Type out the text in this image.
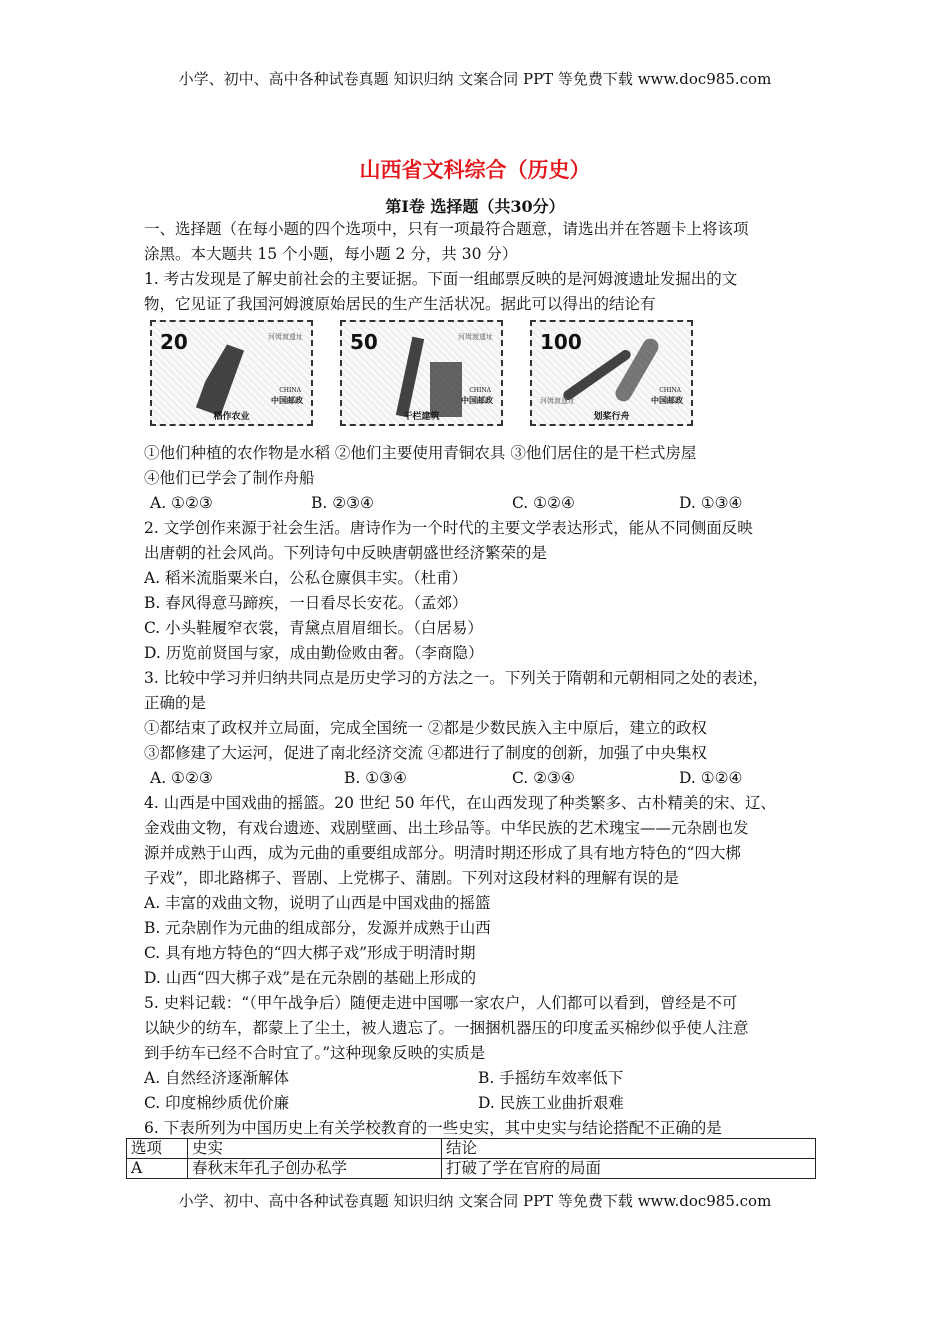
小学、初中、高中各种试卷真题 知识归纳 文案合同 PPT 等免费下载 www.doc985.com
山西省文科综合（历史）
第Ⅰ卷 选择题（共30分）
一、选择题（在每小题的四个选项中，只有一项最符合题意，请选出并在答题卡上将该项
涂黑。本大题共 15 个小题，每小题 2 分，共 30 分）
1. 考古发现是了解史前社会的主要证据。下面一组邮票反映的是河姆渡遗址发掘出的文
物，它见证了我国河姆渡原始居民的生产生活状况。据此可以得出的结论有
20	河姆渡遗址
CHINA
中国邮政
稻作农业
50	河姆渡遗址
CHINA
中国邮政
干栏建筑
100
CHINA
中国邮政
河姆渡遗址
划桨行舟
①他们种植的农作物是水稻 ②他们主要使用青铜农具 ③他们居住的是干栏式房屋
④他们已学会了制作舟船
A. ①②③	B. ②③④	C. ①②④	D. ①③④
2. 文学创作来源于社会生活。唐诗作为一个时代的主要文学表达形式，能从不同侧面反映
出唐朝的社会风尚。下列诗句中反映唐朝盛世经济繁荣的是
A. 稻米流脂粟米白，公私仓廪俱丰实。（杜甫）
B. 春风得意马蹄疾，一日看尽长安花。（孟郊）
C. 小头鞋履窄衣裳，青黛点眉眉细长。（白居易）
D. 历览前贤国与家，成由勤俭败由奢。（李商隐）
3. 比较中学习并归纳共同点是历史学习的方法之一。下列关于隋朝和元朝相同之处的表述，
正确的是
①都结束了政权并立局面，完成全国统一 ②都是少数民族入主中原后，建立的政权
③都修建了大运河，促进了南北经济交流 ④都进行了制度的创新，加强了中央集权
A. ①②③	B. ①③④	C. ②③④	D. ①②④
4. 山西是中国戏曲的摇篮。20 世纪 50 年代，在山西发现了种类繁多、古朴精美的宋、辽、
金戏曲文物，有戏台遗迹、戏剧壁画、出土珍品等。中华民族的艺术瑰宝——元杂剧也发
源并成熟于山西，成为元曲的重要组成部分。明清时期还形成了具有地方特色的“四大梆
子戏”，即北路梆子、晋剧、上党梆子、蒲剧。下列对这段材料的理解有误的是
A. 丰富的戏曲文物，说明了山西是中国戏曲的摇篮
B. 元杂剧作为元曲的组成部分，发源并成熟于山西
C. 具有地方特色的“四大梆子戏”形成于明清时期
D. 山西“四大梆子戏”是在元杂剧的基础上形成的
5. 史料记载：“（甲午战争后）随便走进中国哪一家农户，人们都可以看到，曾经是不可
以缺少的纺车，都蒙上了尘土，被人遗忘了。一捆捆机器压的印度孟买棉纱似乎使人注意
到手纺车已经不合时宜了。”这种现象反映的实质是
A. 自然经济逐渐解体	B. 手摇纺车效率低下
C. 印度棉纱质优价廉	D. 民族工业曲折艰难
6. 下表所列为中国历史上有关学校教育的一些史实，其中史实与结论搭配不正确的是
选项	史实	结论
A	春秋末年孔子创办私学	打破了学在官府的局面
小学、初中、高中各种试卷真题 知识归纳 文案合同 PPT 等免费下载 www.doc985.com
